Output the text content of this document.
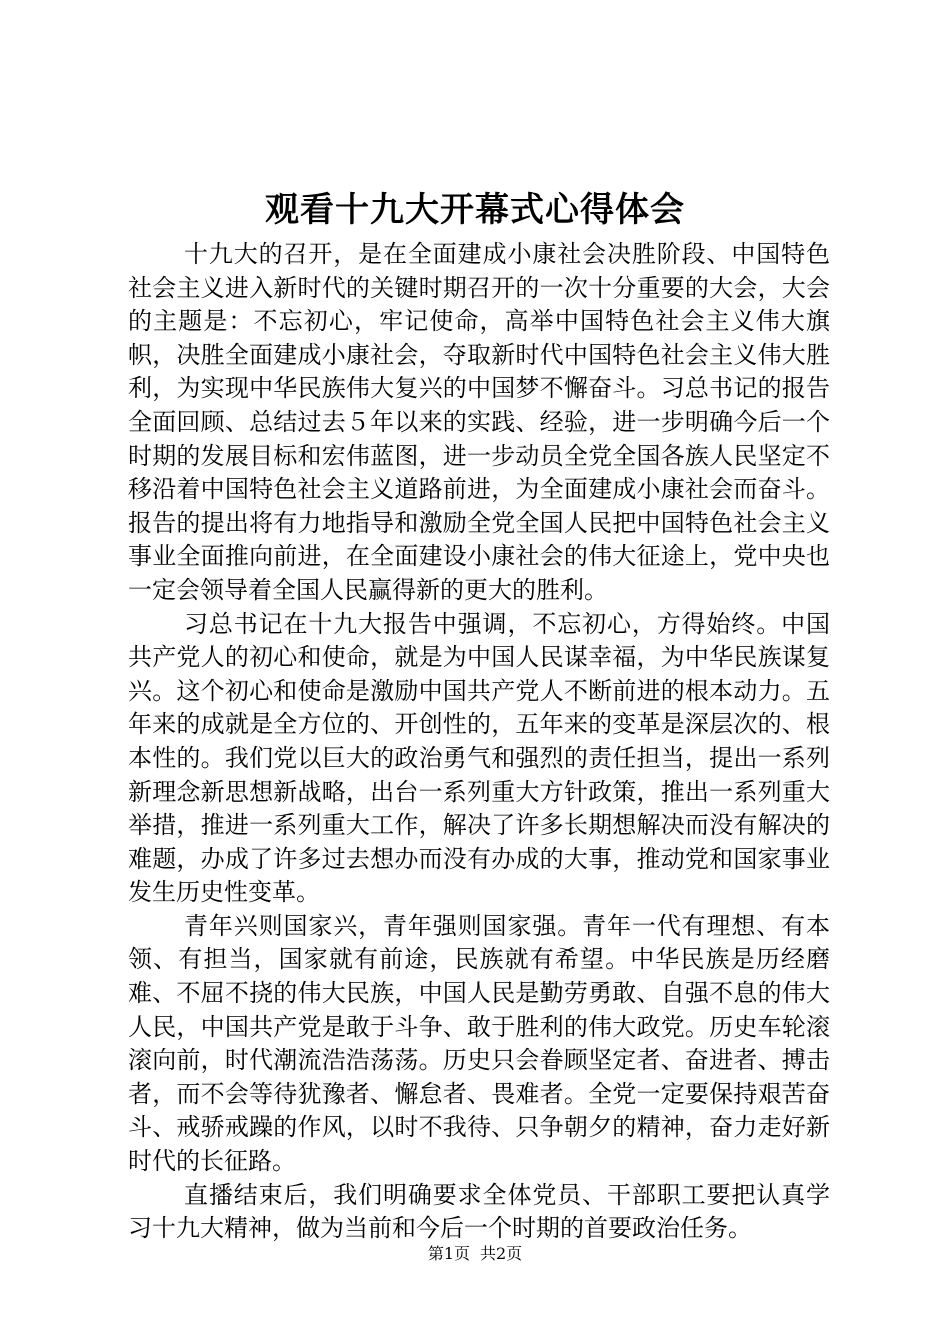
观看十九大开幕式心得体会

十九大的召开，是在全面建成小康社会决胜阶段、中国特色社会主义进入新时代的关键时期召开的一次十分重要的大会，大会的主题是：不忘初心，牢记使命，高举中国特色社会主义伟大旗帜，决胜全面建成小康社会，夺取新时代中国特色社会主义伟大胜利，为实现中华民族伟大复兴的中国梦不懈奋斗。习总书记的报告全面回顾、总结过去５年以来的实践、经验，进一步明确今后一个时期的发展目标和宏伟蓝图，进一步动员全党全国各族人民坚定不移沿着中国特色社会主义道路前进，为全面建成小康社会而奋斗。报告的提出将有力地指导和激励全党全国人民把中国特色社会主义事业全面推向前进，在全面建设小康社会的伟大征途上，党中央也一定会领导着全国人民赢得新的更大的胜利。

习总书记在十九大报告中强调，不忘初心，方得始终。中国共产党人的初心和使命，就是为中国人民谋幸福，为中华民族谋复兴。这个初心和使命是激励中国共产党人不断前进的根本动力。五年来的成就是全方位的、开创性的，五年来的变革是深层次的、根本性的。我们党以巨大的政治勇气和强烈的责任担当，提出一系列新理念新思想新战略，出台一系列重大方针政策，推出一系列重大举措，推进一系列重大工作，解决了许多长期想解决而没有解决的难题，办成了许多过去想办而没有办成的大事，推动党和国家事业发生历史性变革。

青年兴则国家兴，青年强则国家强。青年一代有理想、有本领、有担当，国家就有前途，民族就有希望。中华民族是历经磨难、不屈不挠的伟大民族，中国人民是勤劳勇敢、自强不息的伟大人民，中国共产党是敢于斗争、敢于胜利的伟大政党。历史车轮滚滚向前，时代潮流浩浩荡荡。历史只会眷顾坚定者、奋进者、搏击者，而不会等待犹豫者、懈怠者、畏难者。全党一定要保持艰苦奋斗、戒骄戒躁的作风，以时不我待、只争朝夕的精神，奋力走好新时代的长征路。

直播结束后，我们明确要求全体党员、干部职工要把认真学习十九大精神，做为当前和今后一个时期的首要政治任务。

第1页 共2页
